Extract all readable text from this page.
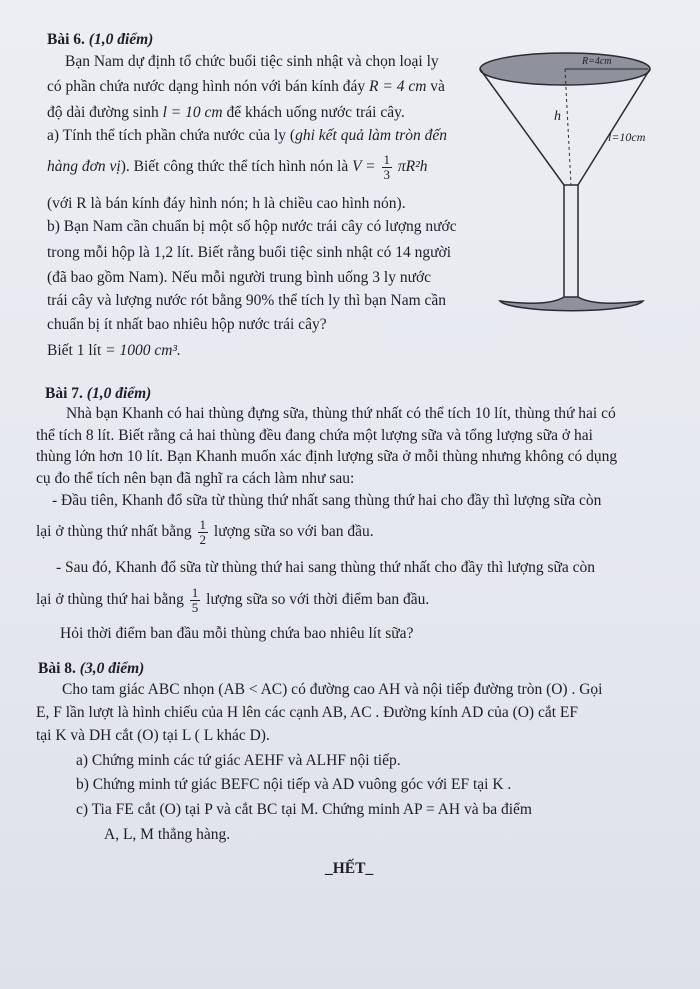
Bài 6. (1,0 điểm)
Bạn Nam dự định tổ chức buổi tiệc sinh nhật và chọn loại ly
có phần chứa nước dạng hình nón với bán kính đáy R = 4 cm và
độ dài đường sinh l = 10 cm để khách uống nước trái cây.
a) Tính thể tích phần chứa nước của ly (ghi kết quả làm tròn đến
hàng đơn vị). Biết công thức thể tích hình nón là $V = \frac{1}{3} \pi R^2h$
(với R là bán kính đáy hình nón; h là chiều cao hình nón).
b) Bạn Nam cần chuẩn bị một số hộp nước trái cây có lượng nước
trong mỗi hộp là 1,2 lít. Biết rằng buổi tiệc sinh nhật có 14 người
(đã bao gồm Nam). Nếu mỗi người trung bình uống 3 ly nước
trái cây và lượng nước rót bằng 90% thể tích ly thì bạn Nam cần
chuẩn bị ít nhất bao nhiêu hộp nước trái cây?
Biết 1 lít = 1000 cm³.
R=4cm
h
l=10cm
Bài 7. (1,0 điểm)
Nhà bạn Khanh có hai thùng đựng sữa, thùng thứ nhất có thể tích 10 lít, thùng thứ hai có
thể tích 8 lít. Biết rằng cả hai thùng đều đang chứa một lượng sữa và tổng lượng sữa ở hai
thùng lớn hơn 10 lít. Bạn Khanh muốn xác định lượng sữa ở mỗi thùng nhưng không có dụng
cụ đo thể tích nên bạn đã nghĩ ra cách làm như sau:
- Đầu tiên, Khanh đổ sữa từ thùng thứ nhất sang thùng thứ hai cho đầy thì lượng sữa còn
lại ở thùng thứ nhất bằng $\frac{1}{2}$ lượng sữa so với ban đầu.
- Sau đó, Khanh đổ sữa từ thùng thứ hai sang thùng thứ nhất cho đầy thì lượng sữa còn
lại ở thùng thứ hai bằng $\frac{1}{5}$ lượng sữa so với thời điểm ban đầu.
Hỏi thời điểm ban đầu mỗi thùng chứa bao nhiêu lít sữa?
Bài 8. (3,0 điểm)
Cho tam giác ABC nhọn (AB < AC) có đường cao AH và nội tiếp đường tròn (O) . Gọi
E, F lần lượt là hình chiếu của H lên các cạnh AB, AC . Đường kính AD của (O) cắt EF
tại K và DH cắt (O) tại L ( L khác D).
a) Chứng minh các tứ giác AEHF và ALHF nội tiếp.
b) Chứng minh tứ giác BEFC nội tiếp và AD vuông góc với EF tại K .
c) Tia FE cắt (O) tại P và cắt BC tại M. Chứng minh AP = AH và ba điểm
A, L, M thẳng hàng.
_HẾT_
